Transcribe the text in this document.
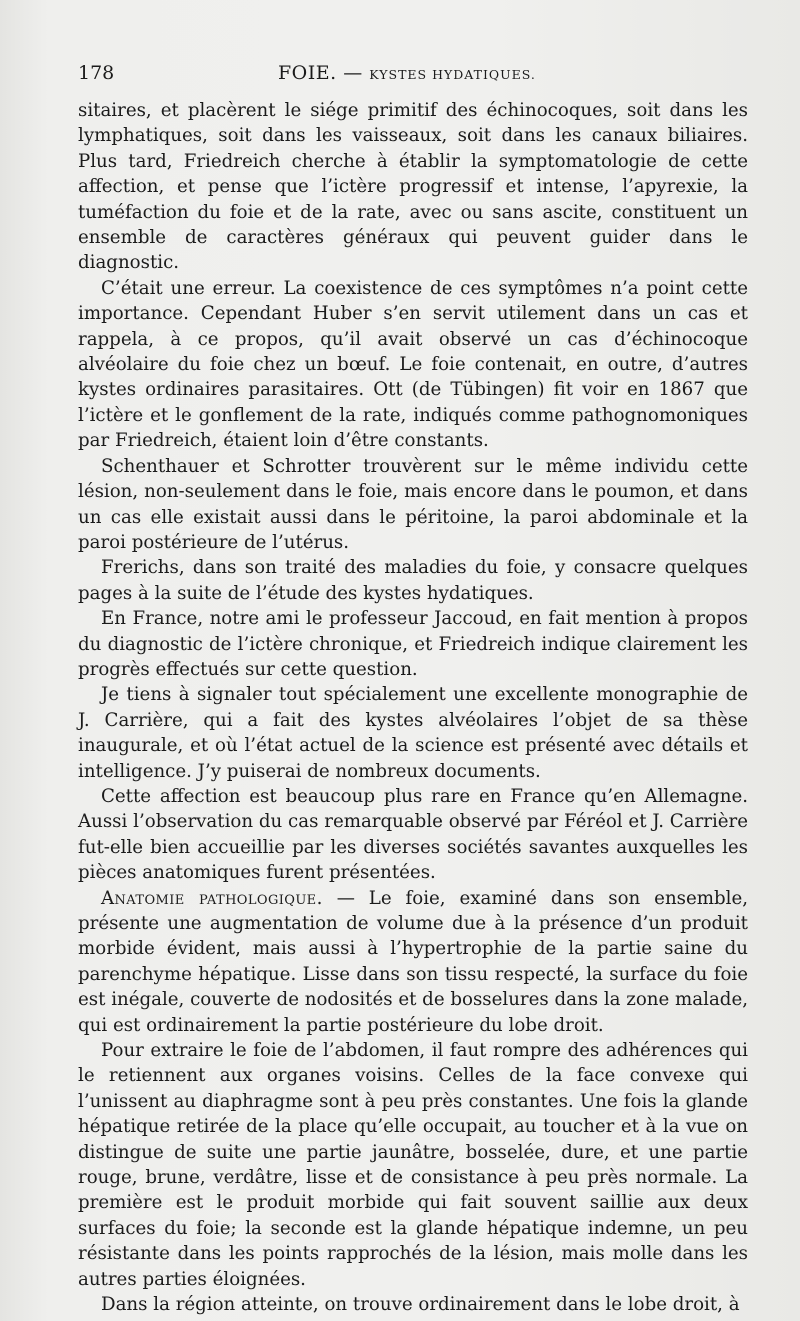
178	FOIE. — KYSTES HYDATIQUES.

sitaires, et placèrent le siége primitif des échinocoques, soit dans les lymphatiques, soit dans les vaisseaux, soit dans les canaux biliaires. Plus tard, Friedreich cherche à établir la symptomatologie de cette affection, et pense que l’ictère progressif et intense, l’apyrexie, la tuméfaction du foie et de la rate, avec ou sans ascite, constituent un ensemble de caractères généraux qui peuvent guider dans le diagnostic.

C’était une erreur. La coexistence de ces symptômes n’a point cette importance. Cependant Huber s’en servit utilement dans un cas et rappela, à ce propos, qu’il avait observé un cas d’échinocoque alvéolaire du foie chez un bœuf. Le foie contenait, en outre, d’autres kystes ordinaires parasitaires. Ott (de Tübingen) fit voir en 1867 que l’ictère et le gonflement de la rate, indiqués comme pathognomoniques par Friedreich, étaient loin d’être constants.

Schenthauer et Schrotter trouvèrent sur le même individu cette lésion, non-seulement dans le foie, mais encore dans le poumon, et dans un cas elle existait aussi dans le péritoine, la paroi abdominale et la paroi postérieure de l’utérus.

Frerichs, dans son traité des maladies du foie, y consacre quelques pages à la suite de l’étude des kystes hydatiques.

En France, notre ami le professeur Jaccoud, en fait mention à propos du diagnostic de l’ictère chronique, et Friedreich indique clairement les progrès effectués sur cette question.

Je tiens à signaler tout spécialement une excellente monographie de J. Carrière, qui a fait des kystes alvéolaires l’objet de sa thèse inaugurale, et où l’état actuel de la science est présenté avec détails et intelligence. J’y puiserai de nombreux documents.

Cette affection est beaucoup plus rare en France qu’en Allemagne. Aussi l’observation du cas remarquable observé par Féréol et J. Carrière fut-elle bien accueillie par les diverses sociétés savantes auxquelles les pièces anatomiques furent présentées.

Anatomie pathologique. — Le foie, examiné dans son ensemble, présente une augmentation de volume due à la présence d’un produit morbide évident, mais aussi à l’hypertrophie de la partie saine du parenchyme hépatique. Lisse dans son tissu respecté, la surface du foie est inégale, couverte de nodosités et de bosselures dans la zone malade, qui est ordinairement la partie postérieure du lobe droit.

Pour extraire le foie de l’abdomen, il faut rompre des adhérences qui le retiennent aux organes voisins. Celles de la face convexe qui l’unissent au diaphragme sont à peu près constantes. Une fois la glande hépatique retirée de la place qu’elle occupait, au toucher et à la vue on distingue de suite une partie jaunâtre, bosselée, dure, et une partie rouge, brune, verdâtre, lisse et de consistance à peu près normale. La première est le produit morbide qui fait souvent saillie aux deux surfaces du foie; la seconde est la glande hépatique indemne, un peu résistante dans les points rapprochés de la lésion, mais molle dans les autres parties éloignées.

Dans la région atteinte, on trouve ordinairement dans le lobe droit, à
